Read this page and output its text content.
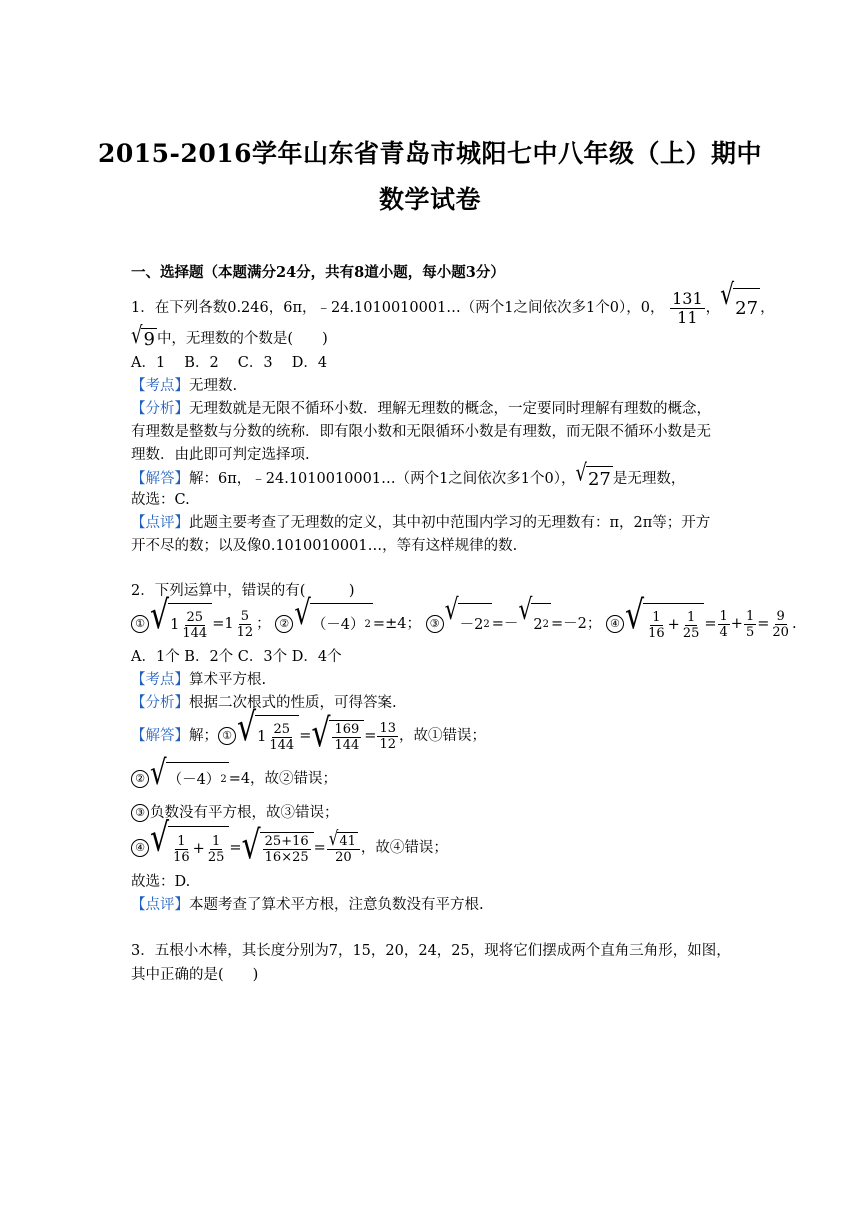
2015-2016学年山东省青岛市城阳七中八年级（上）期中
数学试卷
一、选择题（本题满分24分，共有8道小题，每小题3分）
1．在下列各数0.246，6π，﹣24.1010010001…（两个1之间依次多1个0），0， $\frac{131}{11}$ ， √ 27 ，
√ 9 中，无理数的个数是(　　)
A．1　 B．2　 C．3　 D．4
【考点】无理数.
【分析】无理数就是无限不循环小数．理解无理数的概念，一定要同时理解有理数的概念，
有理数是整数与分数的统称．即有限小数和无限循环小数是有理数，而无限不循环小数是无
理数．由此即可判定选择项.
【解答】解：6π，﹣24.1010010001…（两个1之间依次多1个0）， √ 27 是无理数，
故选：C.
【点评】此题主要考查了无理数的定义，其中初中范围内学习的无理数有：π，2π等；开方
开不尽的数；以及像0.1010010001…，等有这样规律的数.
2．下列运算中，错误的有(　　　)
① √ $1 \frac{25}{144} =1 \frac{5}{12}$ ； ② √ （－4） 2 =±4； ③ √ －2 2 =－ √ 2 2 =－2； ④ √ $\frac{1}{16} + \frac{1}{25} = \frac{1}{4} + \frac{1}{5} = \frac{9}{20}$ .
A．1个 B．2个 C．3个 D．4个
【考点】算术平方根.
【分析】根据二次根式的性质，可得答案.
【解答】解； ① √ $1 \frac{25}{144}$ = √ $\frac{169}{144} = \frac{13}{12}$ ，故①错误；
② √ （－4） 2 =4，故②错误；
③ 负数没有平方根，故③错误；
④ √ $\frac{1}{16} + \frac{1}{25}$ = √ $\frac{25+16}{16\times 25} = \frac{√ 41}{20}$ ，故④错误；
故选：D.
【点评】本题考查了算术平方根，注意负数没有平方根.
3．五根小木棒，其长度分别为7，15，20，24，25，现将它们摆成两个直角三角形，如图，
其中正确的是(　　)
